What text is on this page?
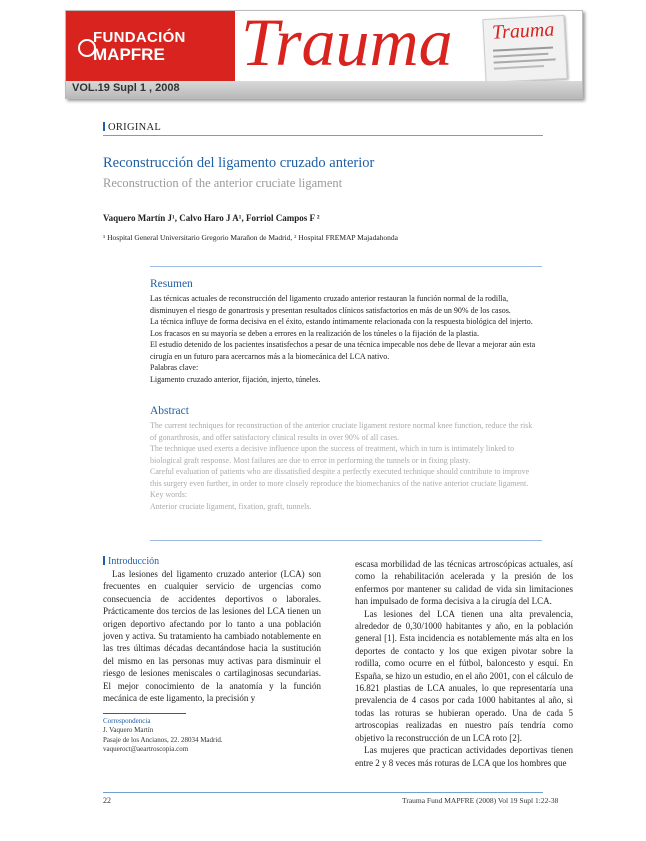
FUNDACIÓN
MAPFRE Trauma Trauma
VOL.19 Supl 1 , 2008
ORIGINAL
Reconstrucción del ligamento cruzado anterior
Reconstruction of the anterior cruciate ligament
Vaquero Martín J¹, Calvo Haro J A¹, Forriol Campos F ²
¹ Hospital General Universitario Gregorio Marañon de Madrid, ² Hospital FREMAP Majadahonda
Resumen

Las técnicas actuales de reconstrucción del ligamento cruzado anterior restauran la función normal de la rodilla, disminuyen el riesgo de gonartrosis y presentan resultados clínicos satisfactorios en más de un 90% de los casos.

La técnica influye de forma decisiva en el éxito, estando íntimamente relacionada con la respuesta biológica del injerto. Los fracasos en su mayoría se deben a errores en la realización de los túneles o la fijación de la plastia.

El estudio detenido de los pacientes insatisfechos a pesar de una técnica impecable nos debe de llevar a mejorar aún esta cirugía en un futuro para acercarnos más a la biomecánica del LCA nativo.

Palabras clave:

Ligamento cruzado anterior, fijación, injerto, túneles.

Abstract

The current techniques for reconstruction of the anterior cruciate ligament restore normal knee function, reduce the risk of gonarthrosis, and offer satisfactory clinical results in over 90% of all cases.

The technique used exerts a decisive influence upon the success of treatment, which in turn is intimately linked to biological graft response. Most failures are due to error in performing the tunnels or in fixing plasty.

Careful evaluation of patients who are dissatisfied despite a perfectly executed technique should contribute to improve this surgery even further, in order to more closely reproduce the biomechanics of the native anterior cruciate ligament.

Key words:

Anterior cruciate ligament, fixation, graft, tunnels.

Introducción

Las lesiones del ligamento cruzado anterior (LCA) son frecuentes en cualquier servicio de urgencias como consecuencia de accidentes deportivos o laborales. Prácticamente dos tercios de las lesiones del LCA tienen un origen deportivo afectando por lo tanto a una población joven y activa. Su tratamiento ha cambiado notablemente en las tres últimas décadas decantándose hacia la sustitución del mismo en las personas muy activas para disminuir el riesgo de lesiones meniscales o cartilaginosas secundarias. El mejor conocimiento de la anatomía y la función mecánica de este ligamento, la precisión y

escasa morbilidad de las técnicas artroscópicas actuales, así como la rehabilitación acelerada y la presión de los enfermos por mantener su calidad de vida sin limitaciones han impulsado de forma decisiva a la cirugía del LCA.

Las lesiones del LCA tienen una alta prevalencia, alrededor de 0,30/1000 habitantes y año, en la población general [1]. Esta incidencia es notablemente más alta en los deportes de contacto y los que exigen pivotar sobre la rodilla, como ocurre en el fútbol, baloncesto y esquí. En España, se hizo un estudio, en el año 2001, con el cálculo de 16.821 plastias de LCA anuales, lo que representaría una prevalencia de 4 casos por cada 1000 habitantes al año, si todas las roturas se hubieran operado. Una de cada 5 artroscopias realizadas en nuestro país tendría como objetivo la reconstrucción de un LCA roto [2].

Las mujeres que practican actividades deportivas tienen entre 2 y 8 veces más roturas de LCA que los hombres que

Correspondencia
J. Vaquero Martín
Pasaje de los Ancianos, 22. 28034 Madrid.
vaqueroct@aeartroscopia.com
22	Trauma Fund MAPFRE (2008) Vol 19 Supl 1:22-38
